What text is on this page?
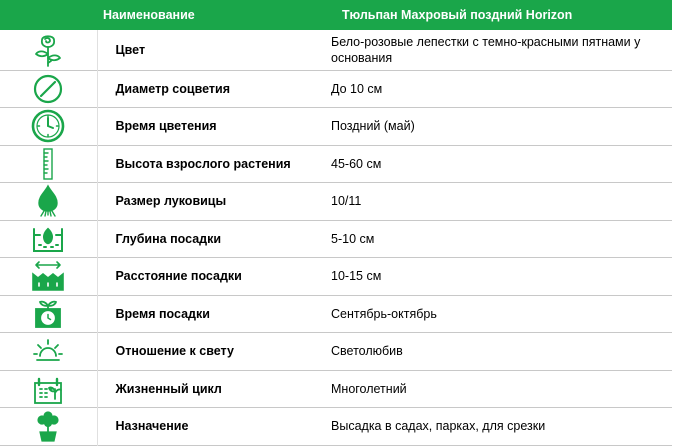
	Наименование	Тюльпан Махровый поздний Horizon

	Цвет	Бело-розовые лепестки с темно-красными пятнами у основания

	Диаметр соцветия	До 10 см

	Время цветения	Поздний (май)

	Высота взрослого растения	45-60 см

	Размер луковицы	10/11

	Глубина посадки	5-10 см

	Расстояние посадки	10-15 см

	Время посадки	Сентябрь-октябрь

	Отношение к свету	Светолюбив

	Жизненный цикл	Многолетний

	Назначение	Высадка в садах, парках, для срезки
